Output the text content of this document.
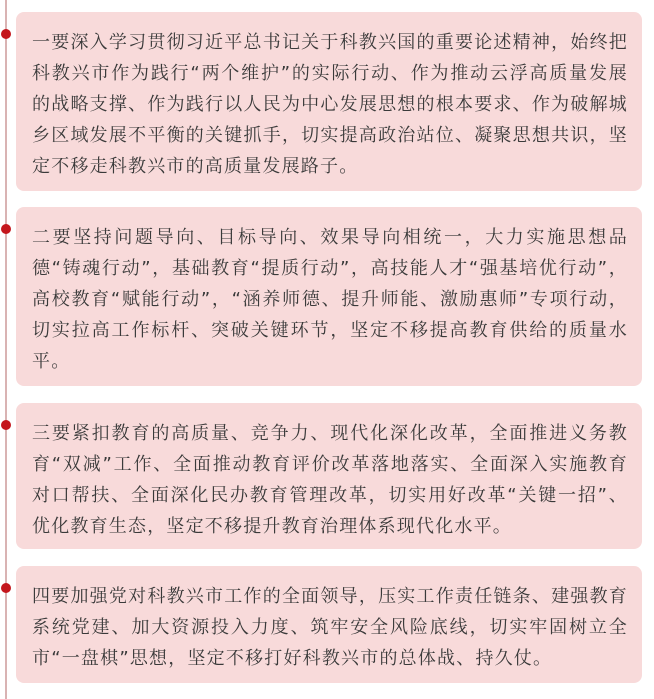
一要深入学习贯彻习近平总书记关于科教兴国的重要论述精神，始终把科教兴市作为践行“两个维护”的实际行动、作为推动云浮高质量发展的战略支撑、作为践行以人民为中心发展思想的根本要求、作为破解城乡区域发展不平衡的关键抓手，切实提高政治站位、凝聚思想共识，坚定不移走科教兴市的高质量发展路子。

二要坚持问题导向、目标导向、效果导向相统一，大力实施思想品德“铸魂行动”，基础教育“提质行动”，高技能人才“强基培优行动”，高校教育“赋能行动”，“涵养师德、提升师能、激励惠师”专项行动，切实拉高工作标杆、突破关键环节，坚定不移提高教育供给的质量水平。

三要紧扣教育的高质量、竞争力、现代化深化改革，全面推进义务教育“双减”工作、全面推动教育评价改革落地落实、全面深入实施教育对口帮扶、全面深化民办教育管理改革，切实用好改革“关键一招”、优化教育生态，坚定不移提升教育治理体系现代化水平。

四要加强党对科教兴市工作的全面领导，压实工作责任链条、建强教育系统党建、加大资源投入力度、筑牢安全风险底线，切实牢固树立全市“一盘棋”思想，坚定不移打好科教兴市的总体战、持久仗。
